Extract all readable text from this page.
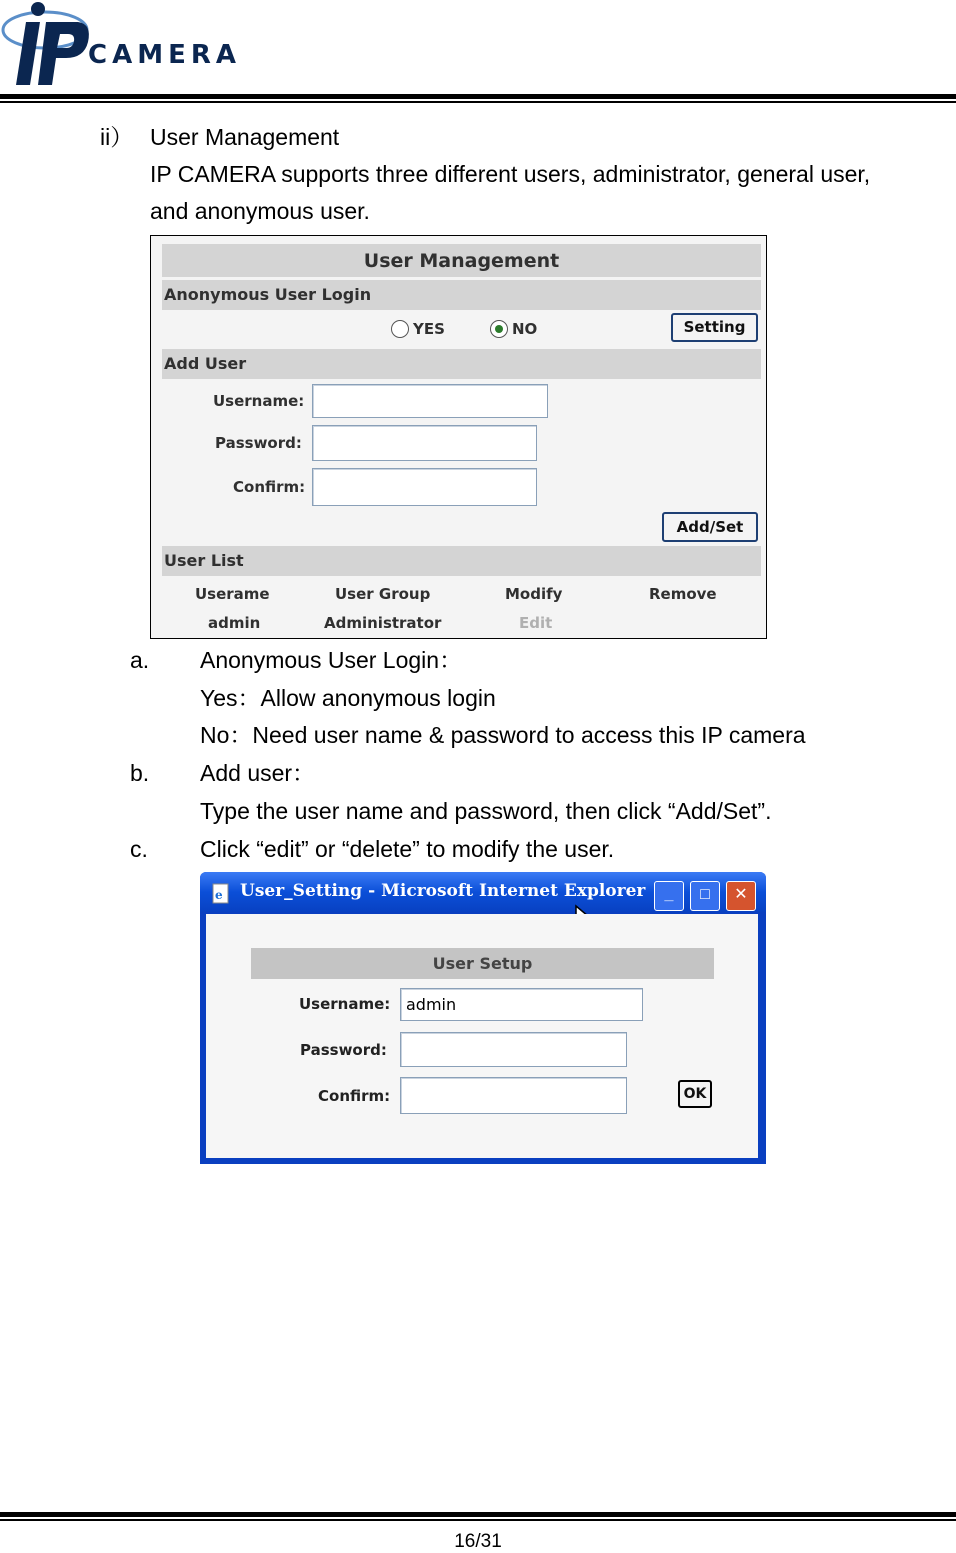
CAMERA
ii） User Management
IP CAMERA supports three different users, administrator, general user,
and anonymous user.
User Management
Anonymous User Login
YES	NO	Setting
Add User
Username:
Password:
Confirm:
Add/Set
User List
Userame	User Group	Modify	Remove
admin	Administrator	Edit
a. Anonymous User Login：
Yes：Allow anonymous login
No：Need user name & password to access this IP camera
b. Add user：
Type the user name and password, then click “Add/Set”.
c. Click “edit” or “delete” to modify the user.
e User_Setting - Microsoft Internet Explorer	_	□	✕
User Setup
Username: admin
Password:
Confirm:	OK
16/31
